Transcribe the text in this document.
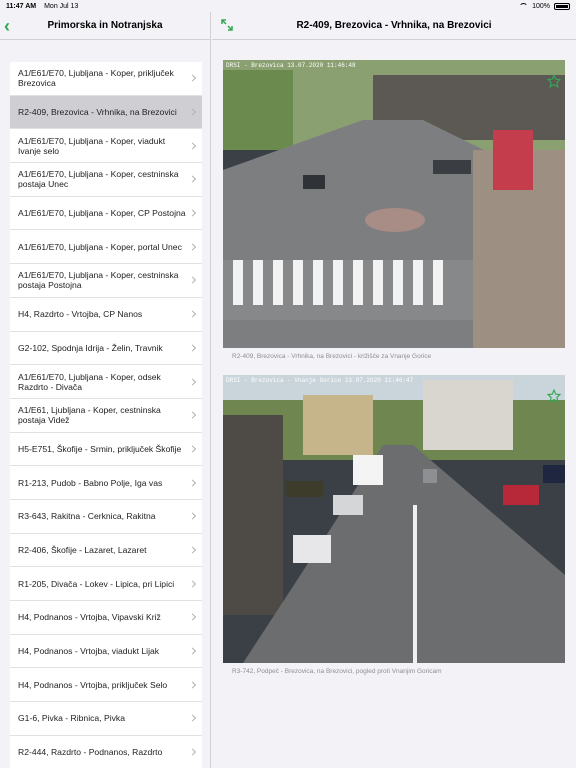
11:47 AM Mon Jul 13	100%
‹	Primorska in Notranjska
A1/E61/E70, Ljubljana - Koper, priključek Brezovica
R2-409, Brezovica - Vrhnika, na Brezovici
A1/E61/E70, Ljubljana - Koper, viadukt Ivanje selo
A1/E61/E70, Ljubljana - Koper, cestninska postaja Unec
A1/E61/E70, Ljubljana - Koper, CP Postojna
A1/E61/E70, Ljubljana - Koper, portal Unec
A1/E61/E70, Ljubljana - Koper, cestninska postaja Postojna
H4, Razdrto - Vrtojba, CP Nanos
G2-102, Spodnja Idrija - Želin, Travnik
A1/E61/E70, Ljubljana - Koper, odsek Razdrto - Divača
A1/E61, Ljubljana - Koper, cestninska postaja Videž
H5-E751, Škofije - Srmin, priključek Škofije
R1-213, Pudob - Babno Polje, Iga vas
R3-643, Rakitna - Cerknica, Rakitna
R2-406, Škofije - Lazaret, Lazaret
R1-205, Divača - Lokev - Lipica, pri Lipici
H4, Podnanos - Vrtojba, Vipavski Križ
H4, Podnanos - Vrtojba, viadukt Lijak
H4, Podnanos - Vrtojba, priključek Selo
G1-6, Pivka - Ribnica, Pivka
R2-444, Razdrto - Podnanos, Razdrto
R2-409, Brezovica - Vrhnika, na Brezovici
DRSI - Brezovica 13.07.2020 11:46:48
R2-409, Brezovica - Vrhnika, na Brezovici - križišče za Vnanje Gorice
DRSI - Brezovica - Vnanje Gorice 13.07.2020 11:46:47
R3-742, Podpeč - Brezovica, na Brezovici, pogled proti Vnanjim Goricam
